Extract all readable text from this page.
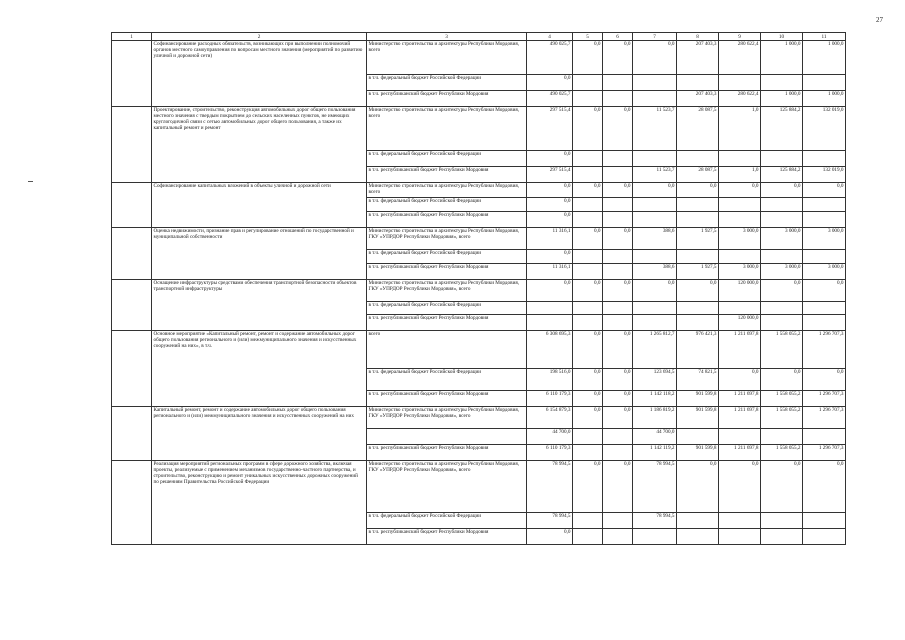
27
1	2	3	4	5	6	7	8	9	10	11
	Софинансирование расходных обязательств, возникающих при выполнении полномочий органов местного самоуправления по вопросам местного значения (мероприятий по развитию уличной и дорожной сети)	Министерство строительства и архитектуры Республики Мордовия, всего	490 025,7	0,0	0,0	0,0	207 403,3	280 622,4	1 000,0	1 000,0
		в т.ч. федеральный бюджет Российской Федерации	0,0							
		в т.ч. республиканский бюджет Республики Мордовия	490 025,7				207 403,3	280 622,4	1 000,0	1 000,0
	Проектирование, строительство, реконструкция автомобильных дорог общего пользования местного значения с твердым покрытием до сельских населенных пунктов, не имеющих круглогодичной связи с сетью автомобильных дорог общего пользования, а также их капитальный ремонт и ремонт	Министерство строительства и архитектуры Республики Мордовия, всего	297 515,4	0,0	0,0	11 523,7	28 087,5	1,0	125 884,2	132 019,0
		в т.ч. федеральный бюджет Российской Федерации	0,0							
		в т.ч. республиканский бюджет Республики Мордовия	297 515,4			11 523,7	28 087,5	1,0	125 884,2	132 019,0
	Софинансирование капитальных вложений в объекты уличной и дорожной сети	Министерство строительства и архитектуры Республики Мордовия, всего	0,0	0,0	0,0	0,0	0,0	0,0	0,0	0,0
		в т.ч. федеральный бюджет Российской Федерации	0,0							
		в т.ч. республиканский бюджет Республики Мордовия	0,0							
	Оценка недвижимости, признание прав и регулирование отношений по государственной и муниципальной собственности	Министерство строительства и архитектуры Республики Мордовия, ГКУ «УПРДОР Республики Мордовия», всего	11 316,1	0,0	0,0	388,6	1 927,5	3 000,0	3 000,0	3 000,0
		в т.ч. федеральный бюджет Российской Федерации	0,0							
		в т.ч. республиканский бюджет Республики Мордовия	11 316,1			388,6	1 927,5	3 000,0	3 000,0	3 000,0
	Оснащение инфраструктуры средствами обеспечения транспортной безопасности объектов транспортной инфраструктуры	Министерство строительства и архитектуры Республики Мордовия, ГКУ «УПРДОР Республики Мордовия», всего	0,0	0,0	0,0	0,0	0,0	120 000,0	0,0	0,0
		в т.ч. федеральный бюджет Российской Федерации								
		в т.ч. республиканский бюджет Республики Мордовия						120 000,0		
	Основное мероприятие «Капитальный ремонт, ремонт и содержание автомобильных дорог общего пользования регионального и (или) межмуниципального значения и искусственных сооружений на них», в т.ч.	всего	6 308 695,3	0,0	0,0	1 265 812,7	976 421,3	1 211 697,8	1 558 055,2	1 296 707,3
		в т.ч. федеральный бюджет Российской Федерации	198 516,0	0,0	0,0	123 694,5	74 821,5	0,0	0,0	0,0
		в т.ч. республиканский бюджет Республики Мордовия	6 110 179,3	0,0	0,0	1 142 118,2	901 599,8	1 211 697,8	1 558 055,2	1 296 707,3
	Капитальный ремонт, ремонт и содержание автомобильных дорог общего пользования регионального и (или) межмуниципального значения и искусственных сооружений на них	Министерство строительства и архитектуры Республики Мордовия, ГКУ «УПРДОР Республики Мордовия», всего	6 154 879,3	0,0	0,0	1 186 819,2	901 599,8	1 211 697,8	1 558 055,2	1 296 707,3
			44 700,0			44 700,0				
		в т.ч. республиканский бюджет Республики Мордовия	6 110 179,3			1 142 119,2	901 599,8	1 211 697,8	1 558 055,2	1 296 707,3
	Реализация мероприятий региональных программ в сфере дорожного хозяйства, включая проекты, реализуемые с применением механизмов государственно-частного партнерства, и строительство, реконструкцию и ремонт уникальных искусственных дорожных сооружений по решениям Правительства Российской Федерации	Министерство строительства и архитектуры Республики Мордовия, ГКУ «УПРДОР Республики Мордовия», всего	78 994,5	0,0	0,0	78 994,5	0,0	0,0	0,0	0,0
		в т.ч. федеральный бюджет Российской Федерации	78 994,5			78 994,5				
		в т.ч. республиканский бюджет Республики Мордовия	0,0							
